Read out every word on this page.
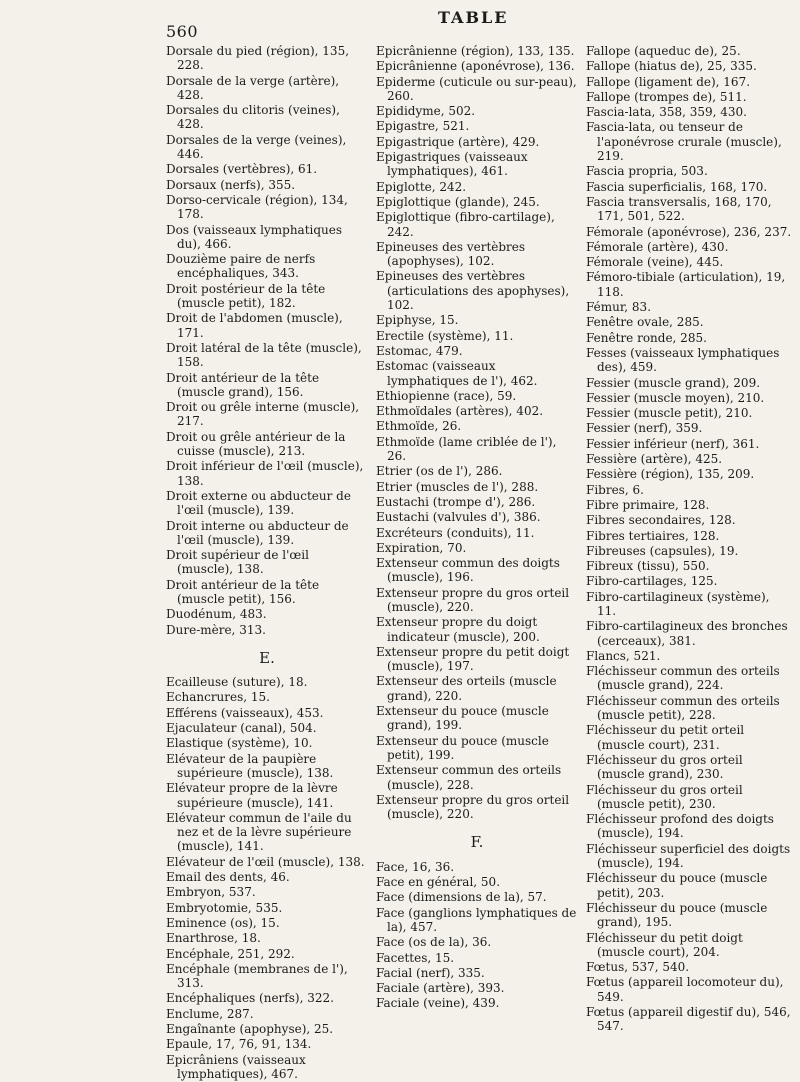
560
TABLE
Dorsale du pied (région), 135, 228.
Dorsale de la verge (artère), 428.
Dorsales du clitoris (veines), 428.
Dorsales de la verge (veines), 446.
Dorsales (vertèbres), 61.
Dorsaux (nerfs), 355.
Dorso-cervicale (région), 134, 178.
Dos (vaisseaux lymphatiques du), 466.
Douzième paire de nerfs encéphaliques, 343.
Droit postérieur de la tête (muscle petit), 182.
Droit de l'abdomen (muscle), 171.
Droit latéral de la tête (muscle), 158.
Droit antérieur de la tête (muscle grand), 156.
Droit ou grêle interne (muscle), 217.
Droit ou grêle antérieur de la cuisse (muscle), 213.
Droit inférieur de l'œil (muscle), 138.
Droit externe ou abducteur de l'œil (muscle), 139.
Droit interne ou abducteur de l'œil (muscle), 139.
Droit supérieur de l'œil (muscle), 138.
Droit antérieur de la tête (muscle petit), 156.
Duodénum, 483.
Dure-mère, 313.
E.
Ecailleuse (suture), 18.
Echancrures, 15.
Efférens (vaisseaux), 453.
Ejaculateur (canal), 504.
Elastique (système), 10.
Elévateur de la paupière supérieure (muscle), 138.
Elévateur propre de la lèvre supérieure (muscle), 141.
Elévateur commun de l'aile du nez et de la lèvre supérieure (muscle), 141.
Elévateur de l'œil (muscle), 138.
Email des dents, 46.
Embryon, 537.
Embryotomie, 535.
Eminence (os), 15.
Enarthrose, 18.
Encéphale, 251, 292.
Encéphale (membranes de l'), 313.
Encéphaliques (nerfs), 322.
Enclume, 287.
Engaînante (apophyse), 25.
Epaule, 17, 76, 91, 134.
Epicrâniens (vaisseaux lymphatiques), 467.
Epicrânienne (région), 133, 135.
Epicrânienne (aponévrose), 136.
Epiderme (cuticule ou sur-peau), 260.
Epididyme, 502.
Epigastre, 521.
Epigastrique (artère), 429.
Epigastriques (vaisseaux lymphatiques), 461.
Epiglotte, 242.
Epiglottique (glande), 245.
Epiglottique (fibro-cartilage), 242.
Epineuses des vertèbres (apophyses), 102.
Epineuses des vertèbres (articulations des apophyses), 102.
Epiphyse, 15.
Erectile (système), 11.
Estomac, 479.
Estomac (vaisseaux lymphatiques de l'), 462.
Ethiopienne (race), 59.
Ethmoïdales (artères), 402.
Ethmoïde, 26.
Ethmoïde (lame criblée de l'), 26.
Etrier (os de l'), 286.
Etrier (muscles de l'), 288.
Eustachi (trompe d'), 286.
Eustachi (valvules d'), 386.
Excréteurs (conduits), 11.
Expiration, 70.
Extenseur commun des doigts (muscle), 196.
Extenseur propre du gros orteil (muscle), 220.
Extenseur propre du doigt indicateur (muscle), 200.
Extenseur propre du petit doigt (muscle), 197.
Extenseur des orteils (muscle grand), 220.
Extenseur du pouce (muscle grand), 199.
Extenseur du pouce (muscle petit), 199.
Extenseur commun des orteils (muscle), 228.
Extenseur propre du gros orteil (muscle), 220.
F.
Face, 16, 36.
Face en général, 50.
Face (dimensions de la), 57.
Face (ganglions lymphatiques de la), 457.
Face (os de la), 36.
Facettes, 15.
Facial (nerf), 335.
Faciale (artère), 393.
Faciale (veine), 439.
Fallope (aqueduc de), 25.
Fallope (hiatus de), 25, 335.
Fallope (ligament de), 167.
Fallope (trompes de), 511.
Fascia-lata, 358, 359, 430.
Fascia-lata, ou tenseur de l'aponévrose crurale (muscle), 219.
Fascia propria, 503.
Fascia superficialis, 168, 170.
Fascia transversalis, 168, 170, 171, 501, 522.
Fémorale (aponévrose), 236, 237.
Fémorale (artère), 430.
Fémorale (veine), 445.
Fémoro-tibiale (articulation), 19, 118.
Fémur, 83.
Fenêtre ovale, 285.
Fenêtre ronde, 285.
Fesses (vaisseaux lymphatiques des), 459.
Fessier (muscle grand), 209.
Fessier (muscle moyen), 210.
Fessier (muscle petit), 210.
Fessier (nerf), 359.
Fessier inférieur (nerf), 361.
Fessière (artère), 425.
Fessière (région), 135, 209.
Fibres, 6.
Fibre primaire, 128.
Fibres secondaires, 128.
Fibres tertiaires, 128.
Fibreuses (capsules), 19.
Fibreux (tissu), 550.
Fibro-cartilages, 125.
Fibro-cartilagineux (système), 11.
Fibro-cartilagineux des bronches (cerceaux), 381.
Flancs, 521.
Fléchisseur commun des orteils (muscle grand), 224.
Fléchisseur commun des orteils (muscle petit), 228.
Fléchisseur du petit orteil (muscle court), 231.
Fléchisseur du gros orteil (muscle grand), 230.
Fléchisseur du gros orteil (muscle petit), 230.
Fléchisseur profond des doigts (muscle), 194.
Fléchisseur superficiel des doigts (muscle), 194.
Fléchisseur du pouce (muscle petit), 203.
Fléchisseur du pouce (muscle grand), 195.
Fléchisseur du petit doigt (muscle court), 204.
Fœtus, 537, 540.
Fœtus (appareil locomoteur du), 549.
Fœtus (appareil digestif du), 546, 547.
